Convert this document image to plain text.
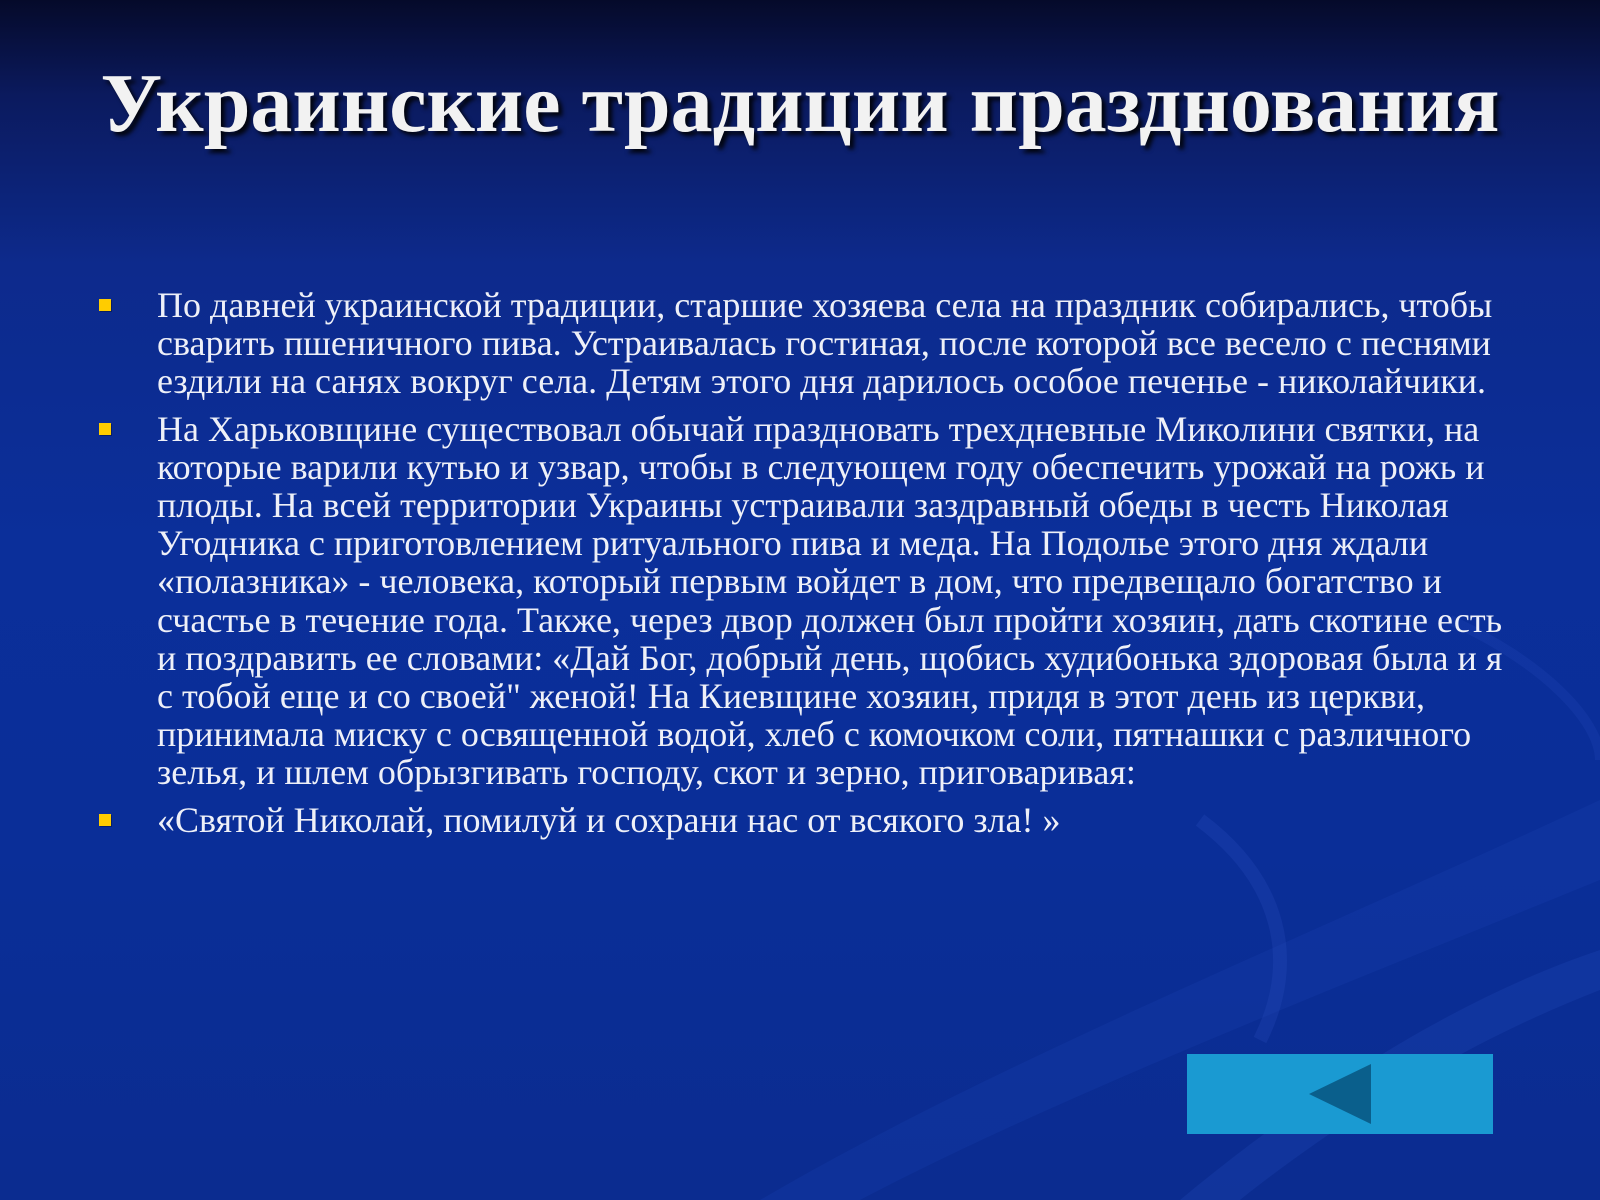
Украинские традиции празднования
По давней украинской традиции, старшие хозяева села на праздник собирались, чтобы сварить пшеничного пива. Устраивалась гостиная, после которой все весело с песнями ездили на санях вокруг села. Детям этого дня дарилось особое печенье - николайчики.
На Харьковщине существовал обычай праздновать трехдневные Миколини святки, на которые варили кутью и узвар, чтобы в следующем году обеспечить урожай на рожь и плоды. На всей территории Украины устраивали заздравный обеды в честь Николая Угодника с приготовлением ритуального пива и меда. На Подолье этого дня ждали «полазника» - человека, который первым войдет в дом, что предвещало богатство и счастье в течение года. Также, через двор должен был пройти хозяин, дать скотине есть и поздравить ее словами: «Дай Бог, добрый день, щобись худибонька здоровая была и я с тобой еще и со своей" женой! На Киевщине хозяин, придя в этот день из церкви, принимала миску с освященной водой, хлеб с комочком соли, пятнашки с различного зелья, и шлем обрызгивать господу, скот и зерно, приговаривая:
«Святой Николай, помилуй и сохрани нас от всякого зла! »
